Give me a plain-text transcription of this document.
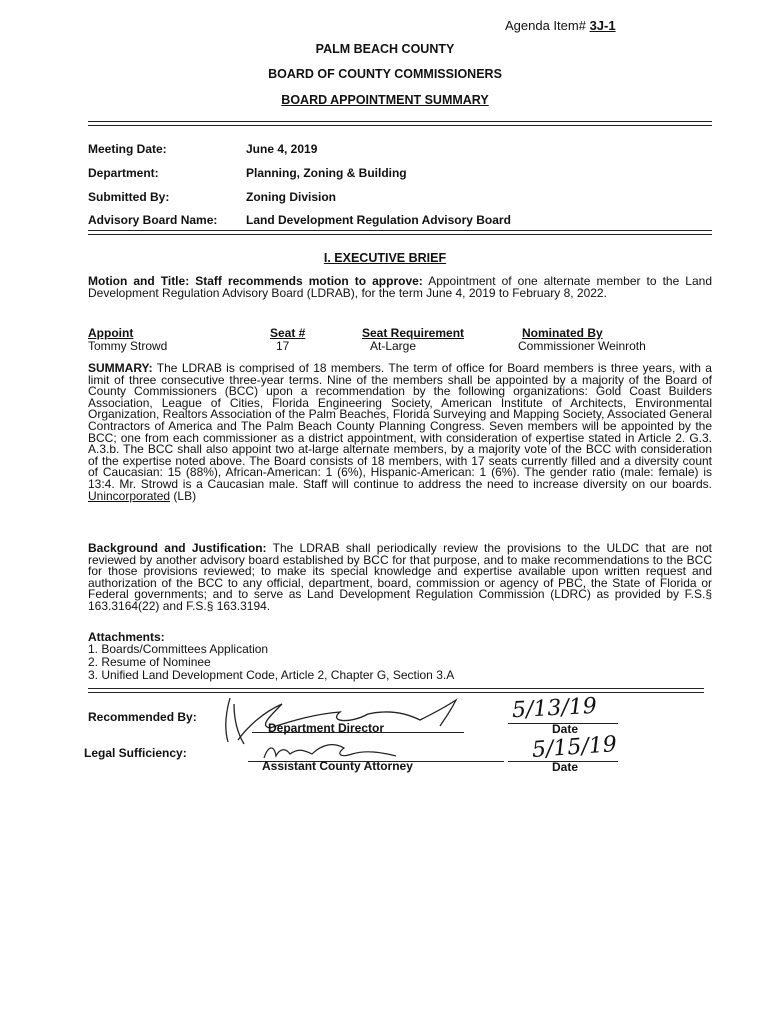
Agenda Item# 3J-1
PALM BEACH COUNTY
BOARD OF COUNTY COMMISSIONERS
BOARD APPOINTMENT SUMMARY
Meeting Date:	June 4, 2019
Department:	Planning, Zoning & Building
Submitted By:	Zoning Division
Advisory Board Name: Land Development Regulation Advisory Board
I. EXECUTIVE BRIEF
Motion and Title: Staff recommends motion to approve: Appointment of one alternate member to the Land Development Regulation Advisory Board (LDRAB), for the term June 4, 2019 to February 8, 2022.
Appoint	Seat #	Seat Requirement	Nominated By
Tommy Strowd	17	At-Large	Commissioner Weinroth
SUMMARY: The LDRAB is comprised of 18 members. The term of office for Board members is three years, with a limit of three consecutive three-year terms. Nine of the members shall be appointed by a majority of the Board of County Commissioners (BCC) upon a recommendation by the following organizations: Gold Coast Builders Association, League of Cities, Florida Engineering Society, American Institute of Architects, Environmental Organization, Realtors Association of the Palm Beaches, Florida Surveying and Mapping Society, Associated General Contractors of America and The Palm Beach County Planning Congress. Seven members will be appointed by the BCC; one from each commissioner as a district appointment, with consideration of expertise stated in Article 2. G.3. A.3.b. The BCC shall also appoint two at-large alternate members, by a majority vote of the BCC with consideration of the expertise noted above. The Board consists of 18 members, with 17 seats currently filled and a diversity count of Caucasian: 15 (88%), African-American: 1 (6%), Hispanic-American: 1 (6%). The gender ratio (male: female) is 13:4. Mr. Strowd is a Caucasian male. Staff will continue to address the need to increase diversity on our boards. Unincorporated (LB)
Background and Justification: The LDRAB shall periodically review the provisions to the ULDC that are not reviewed by another advisory board established by BCC for that purpose, and to make recommendations to the BCC for those provisions reviewed; to make its special knowledge and expertise available upon written request and authorization of the BCC to any official, department, board, commission or agency of PBC, the State of Florida or Federal governments; and to serve as Land Development Regulation Commission (LDRC) as provided by F.S.§ 163.3164(22) and F.S.§ 163.3194.
Attachments:
1. Boards/Committees Application
2. Resume of Nominee
3. Unified Land Development Code, Article 2, Chapter G, Section 3.A
Recommended By:
Department Director
5/13/19
Date
Legal Sufficiency:
Assistant County Attorney
5/15/19
Date
